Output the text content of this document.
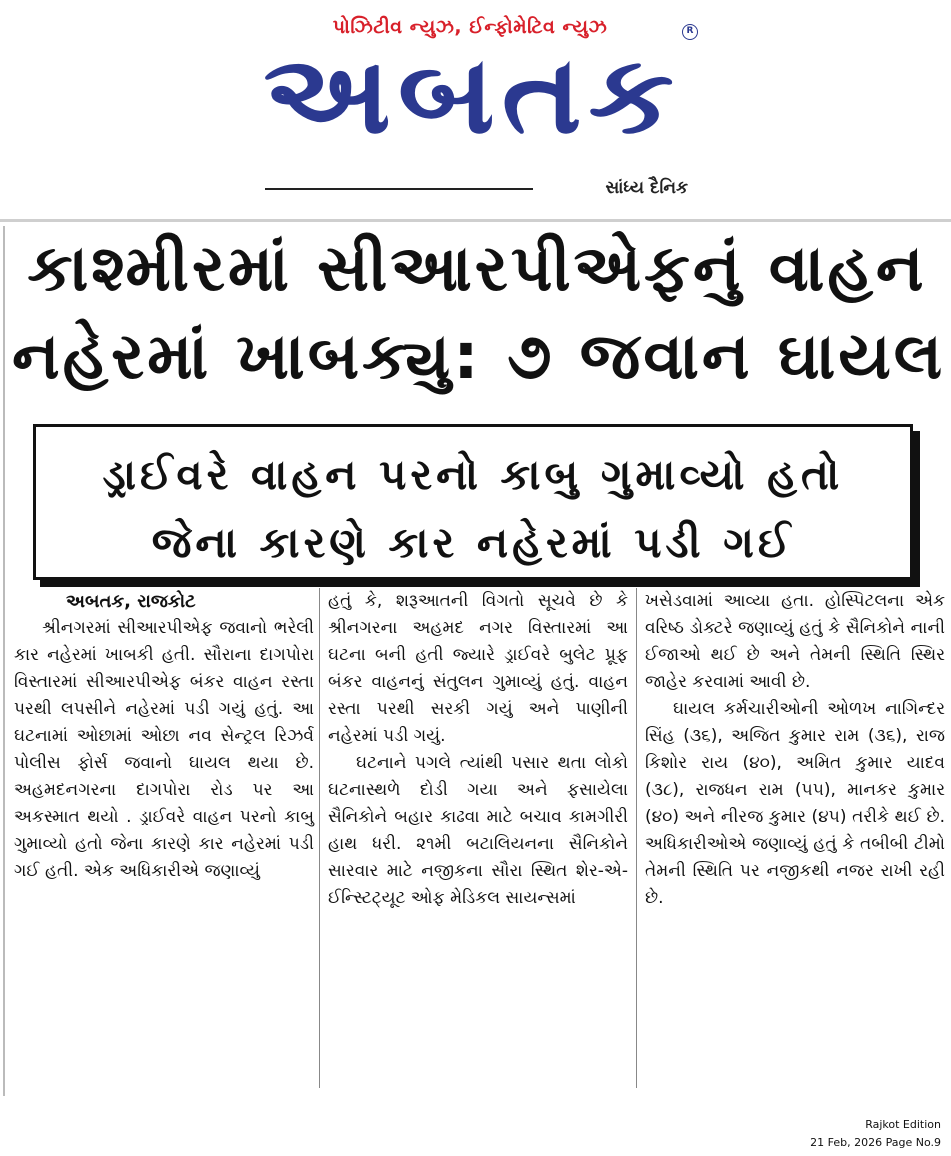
પોઝિટીવ ન્યુઝ, ઈન્ફોમેટિવ ન્યુઝ
અબતક
R
સાંધ્ય દૈનિક
કાશ્મીરમાં સીઆરપીએફનું વાહન
નહેરમાં ખાબક્યુ: ૭ જવાન ઘાયલ
ડ્રાઈવરે વાહન પરનો કાબુ ગુમાવ્યો હતો
જેના કારણે કાર નહેરમાં પડી ગઈ

અબતક, રાજકોટ

શ્રીનગરમાં સીઆરપીએફ જવાનો ભરેલી કાર નહેરમાં ખાબકી હતી. સૌરાના દાગપોરા વિસ્તારમાં સીઆરપીએફ બંકર વાહન રસ્તા પરથી લપસીને નહેરમાં પડી ગયું હતું. આ ઘટનામાં ઓછામાં ઓછા નવ સેન્ટ્રલ રિઝર્વ પોલીસ ફોર્સ જવાનો ઘાયલ થયા છે. અહમદનગરના દાગપોરા રોડ પર આ અકસ્માત થયો . ડ્રાઈવરે વાહન પરનો કાબુ ગુમાવ્યો હતો જેના કારણે કાર નહેરમાં પડી ગઈ હતી. એક અધિકારીએ જણાવ્યું

હતું કે, શરૂઆતની વિગતો સૂચવે છે કે શ્રીનગરના અહમદ નગર વિસ્તારમાં આ ઘટના બની હતી જ્યારે ડ્રાઈવરે બુલેટ પ્રૂફ બંકર વાહનનું સંતુલન ગુમાવ્યું હતું. વાહન રસ્તા પરથી સરકી ગયું અને પાણીની નહેરમાં પડી ગયું.

ઘટનાને પગલે ત્યાંથી પસાર થતા લોકો ઘટનાસ્થળે દોડી ગયા અને ફસાયેલા સૈનિકોને બહાર કાઢવા માટે બચાવ કામગીરી હાથ ધરી. ૨૧મી બટાલિયનના સૈનિકોને સારવાર માટે નજીકના સૌરા સ્થિત શેર-એ-ઈન્સ્ટિટ્યૂટ ઓફ મેડિકલ સાયન્સમાં

ખસેડવામાં આવ્યા હતા. હોસ્પિટલના એક વરિષ્ઠ ડોક્ટરે જણાવ્યું હતું કે સૈનિકોને નાની ઈજાઓ થઈ છે અને તેમની સ્થિતિ સ્થિર જાહેર કરવામાં આવી છે.

ઘાયલ કર્મચારીઓની ઓળખ નાગિન્દર સિંહ (૩૬), અજિત કુમાર રામ (૩૬), રાજ કિશોર રાય (૪૦), અમિત કુમાર યાદવ (૩૮), રાજધન રામ (૫૫), માનકર કુમાર (૪૦) અને નીરજ કુમાર (૪૫) તરીકે થઈ છે. અધિકારીઓએ જણાવ્યું હતું કે તબીબી ટીમો તેમની સ્થિતિ પર નજીકથી નજર રાખી રહી છે.

Rajkot Edition
21 Feb, 2026 Page No.9
